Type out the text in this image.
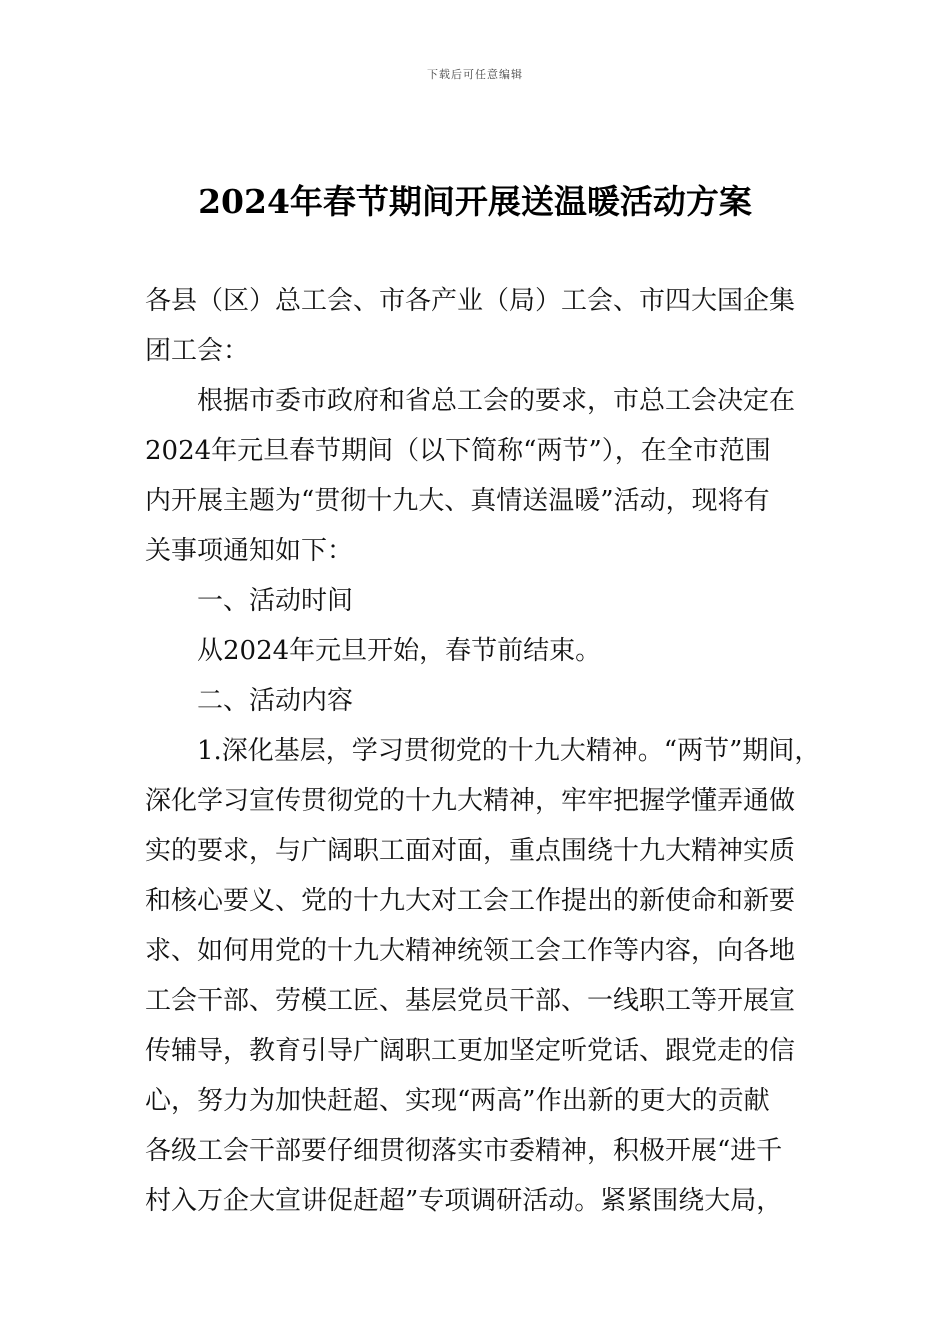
下载后可任意编辑
2024年春节期间开展送温暖活动方案
各县（区）总工会、市各产业（局）工会、市四大国企集
团工会：
根据市委市政府和省总工会的要求，市总工会决定在
2024年元旦春节期间（以下简称“两节”），在全市范围
内开展主题为“贯彻十九大、真情送温暖”活动，现将有
关事项通知如下：
一、活动时间
从2024年元旦开始，春节前结束。
二、活动内容
1.深化基层，学习贯彻党的十九大精神。“两节”期间，
深化学习宣传贯彻党的十九大精神，牢牢把握学懂弄通做
实的要求，与广阔职工面对面，重点围绕十九大精神实质
和核心要义、党的十九大对工会工作提出的新使命和新要
求、如何用党的十九大精神统领工会工作等内容，向各地
工会干部、劳模工匠、基层党员干部、一线职工等开展宣
传辅导，教育引导广阔职工更加坚定听党话、跟党走的信
心，努力为加快赶超、实现“两高”作出新的更大的贡献
各级工会干部要仔细贯彻落实市委精神，积极开展“进千
村入万企大宣讲促赶超”专项调研活动。紧紧围绕大局，
